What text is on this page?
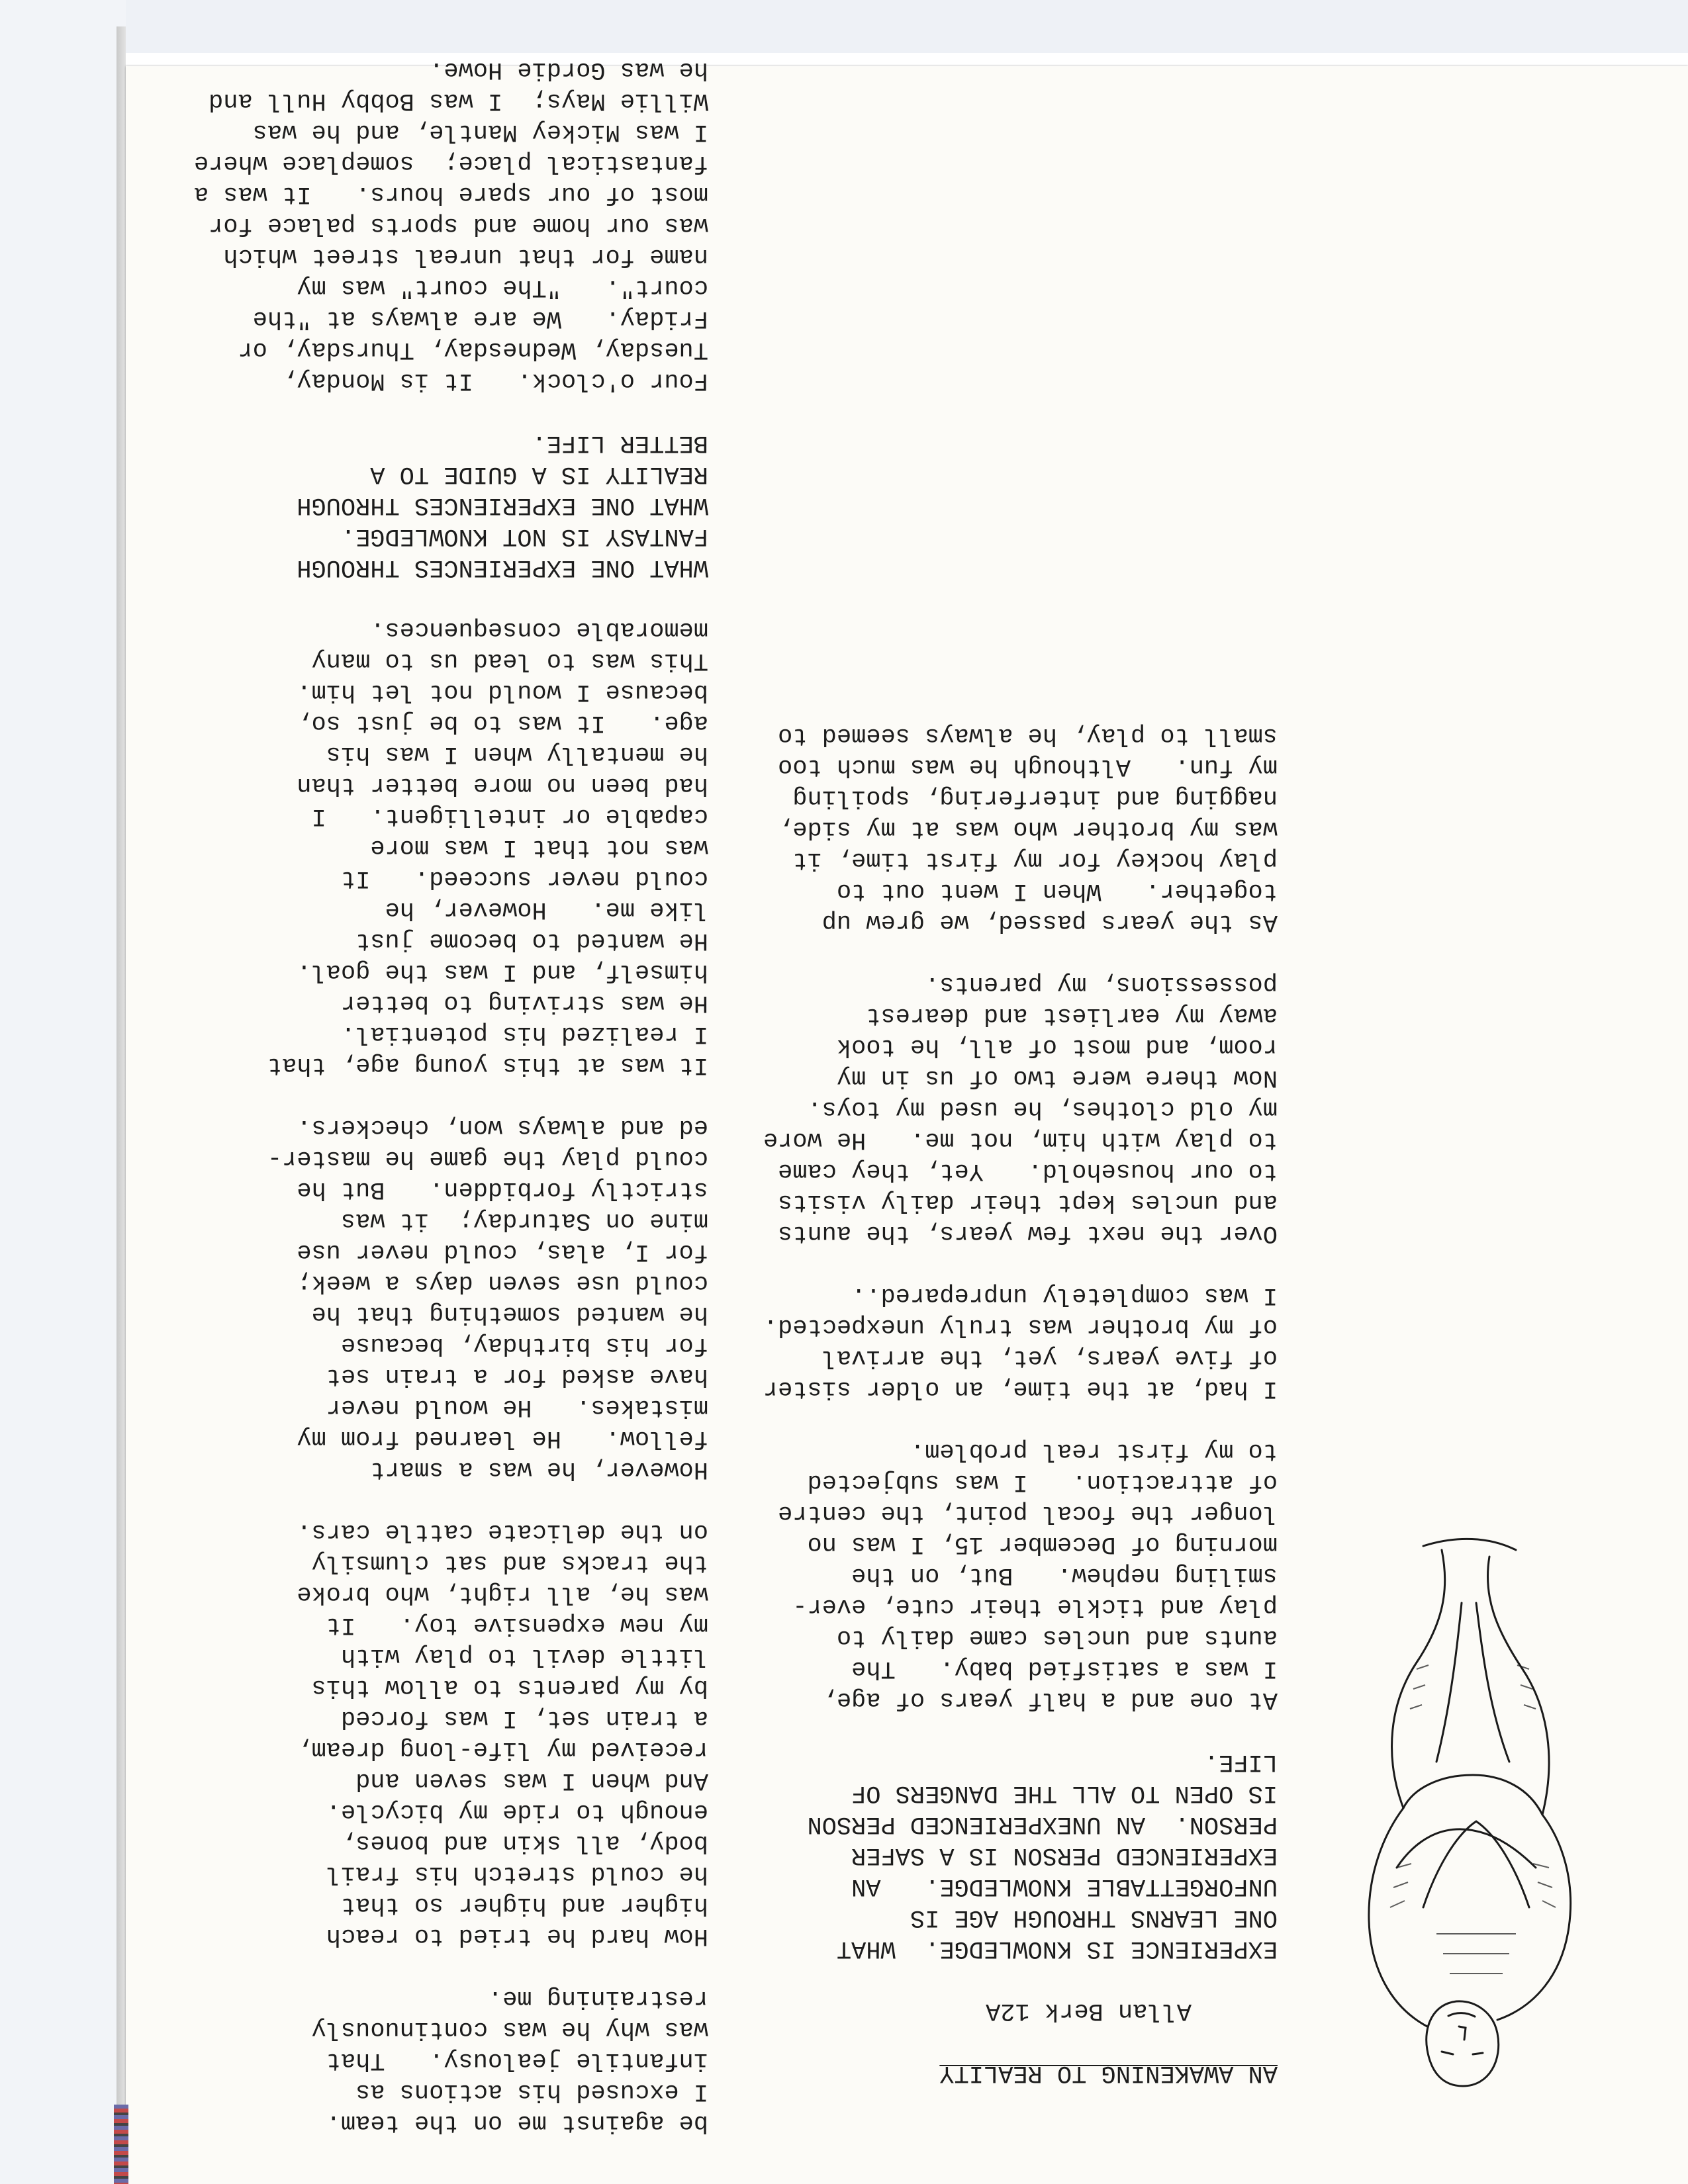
AN AWAKENING TO REALITY
Allan Berk 12A
EXPERIENCE IS KNOWLEDGE.  WHAT
ONE LEARNS THROUGH AGE IS
UNFORGETTABLE KNOWLEDGE.   AN
EXPERIENCED PERSON IS A SAFER
PERSON.  AN UNEXPERIENCED PERSON
IS OPEN TO ALL THE DANGERS OF
LIFE.
At one and a half years of age,
I was a satisfied baby.   The
aunts and uncles came daily to
play and tickle their cute, ever-
smiling nephew.   But, on the
morning of December 15, I was no
longer the focal point, the centre
of attraction.   I was subjected
to my first real problem.
I had, at the time, an older sister
of five years, yet, the arrival
of my brother was truly unexpected.
I was completely unprepared..
Over the next few years, the aunts
and uncles kept their daily visits
to our household.   Yet, they came
to play with him, not me.   He wore
my old clothes, he used my toys.
Now there were two of us in my
room, and most of all, he took
away my earliest and dearest
possessions, my parents.
As the years passed, we grew up
together.   When I went out to
play hockey for my first time, it
was my brother who was at my side,
nagging and interfering, spoiling
my fun.   Although he was much too
small to play, he always seemed to
be against me on the team.
I excused his actions as
infantile jealousy.   That
was why he was continuously
restraining me.
How hard he tried to reach
higher and higher so that
he could stretch his frail
body, all skin and bones,
enough to ride my bicycle.
And when I was seven and
received my life-long dream,
a train set, I was forced
by my parents to allow this
little devil to play with
my new expensive toy.   It
was he, all right, who broke
the tracks and sat clumsily
on the delicate cattle cars.
However, he was a smart
fellow.   He learned from my
mistakes.   He would never
have asked for a train set
for his birthday, because
he wanted something that he
could use seven days a week;
for I, alas, could never use
mine on Saturday;  it was
strictly forbidden.   But he
could play the game he master-
ed and always won, checkers.
It was at this young age, that
I realized his potential.
He was striving to better
himself, and I was the goal.
He wanted to become just
like me.   However, he
could never succeed.   It
was not that I was more
capable or intelligent.   I
had been no more better than
he mentally when I was his
age.   It was to be just so,
because I would not let him.
This was to lead us to many
memorable consequences.
WHAT ONE EXPERIENCES THROUGH
FANTASY IS NOT KNOWLEDGE.
WHAT ONE EXPERIENCES THROUGH
REALITY IS A GUIDE TO A
BETTER LIFE.
Four o'clock.   It is Monday,
Tuesday, Wednesday, Thursday, or
Friday.   We are always at "the
court".   "The court" was my
name for that unreal street which
was our home and sports palace for
most of our spare hours.   It was a
fantastical place;  someplace where
I was Mickey Mantle, and he was
Willie Mays;  I was Bobby Hull and
he was Gordie Howe.
